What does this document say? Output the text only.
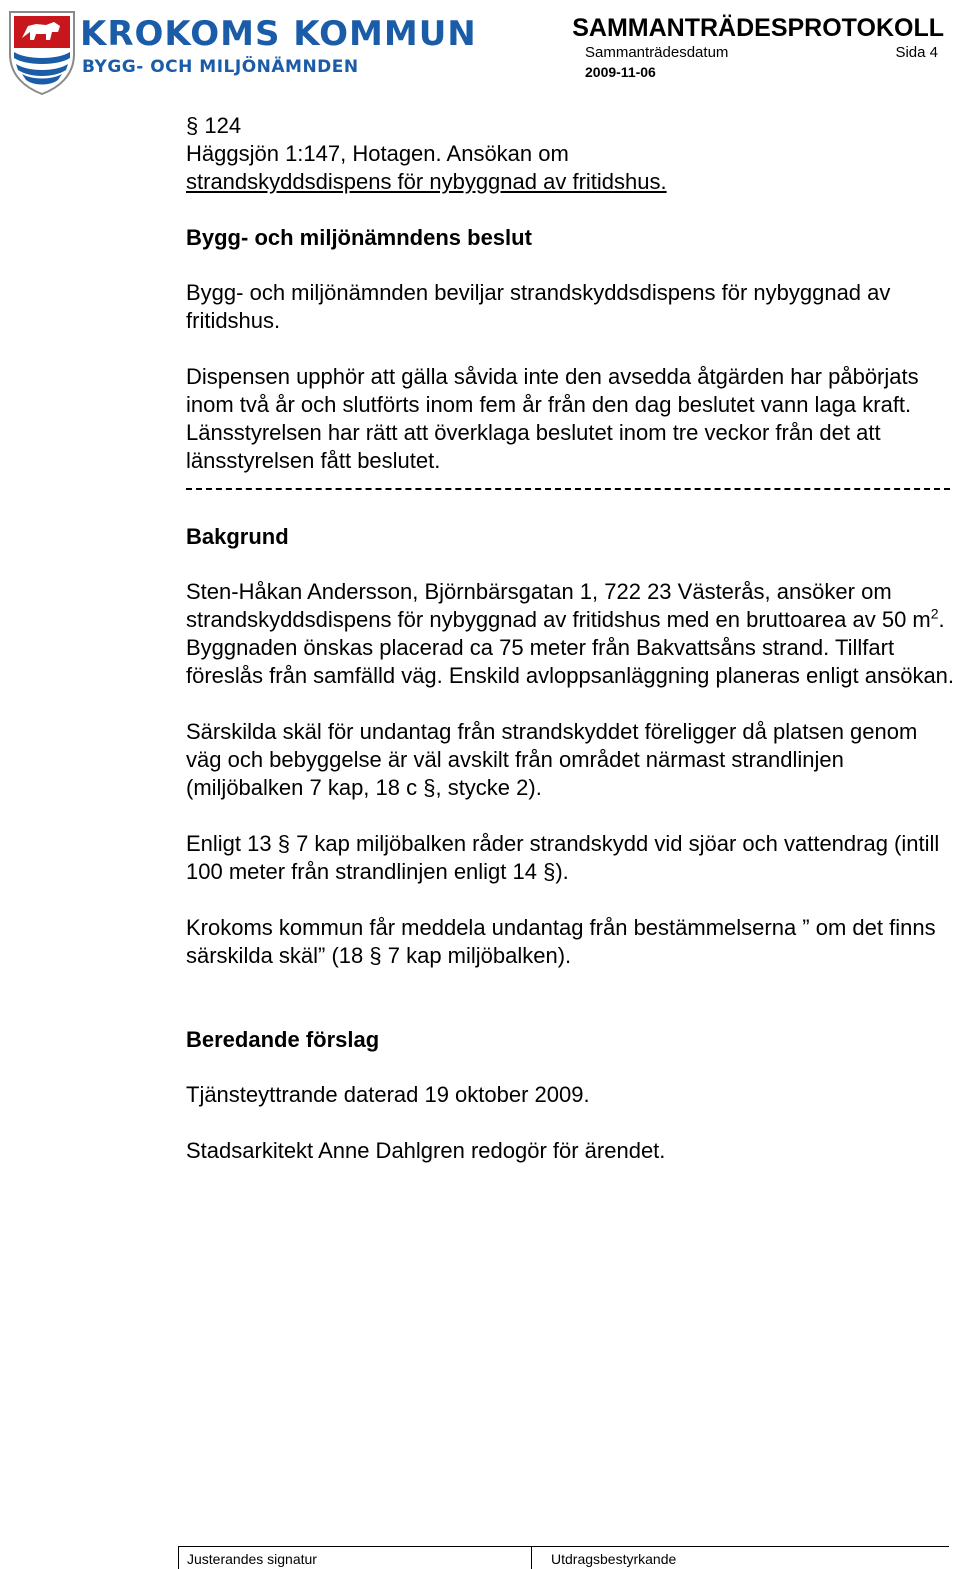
KROKOMS KOMMUN
BYGG- OCH MILJÖNÄMNDEN
SAMMANTRÄDESPROTOKOLL
Sammanträdesdatum	Sida 4
2009-11-06

§ 124

Häggsjön 1:147, Hotagen. Ansökan om
strandskyddsdispens för nybyggnad av fritidshus.

Bygg- och miljönämndens beslut

Bygg- och miljönämnden beviljar strandskyddsdispens för nybyggnad av fritidshus.

Dispensen upphör att gälla såvida inte den avsedda åtgärden har påbörjats inom två år och slutförts inom fem år från den dag beslutet vann laga kraft. Länsstyrelsen har rätt att överklaga beslutet inom tre veckor från det att länsstyrelsen fått beslutet.

Bakgrund

Sten-Håkan Andersson, Björnbärsgatan 1, 722 23 Västerås, ansöker om strandskyddsdispens för nybyggnad av fritidshus med en bruttoarea av 50 $m^2$. Byggnaden önskas placerad ca 75 meter från Bakvattsåns strand. Tillfart föreslås från samfälld väg. Enskild avloppsanläggning planeras enligt ansökan.

Särskilda skäl för undantag från strandskyddet föreligger då platsen genom väg och bebyggelse är väl avskilt från området närmast strandlinjen (miljöbalken 7 kap, 18 c §, stycke 2).

Enligt 13 § 7 kap miljöbalken råder strandskydd vid sjöar och vattendrag (intill 100 meter från strandlinjen enligt 14 §).

Krokoms kommun får meddela undantag från bestämmelserna ” om det finns särskilda skäl” (18 § 7 kap miljöbalken).

Beredande förslag

Tjänsteyttrande daterad 19 oktober 2009.

Stadsarkitekt Anne Dahlgren redogör för ärendet.

Justerandes signatur	Utdragsbestyrkande
